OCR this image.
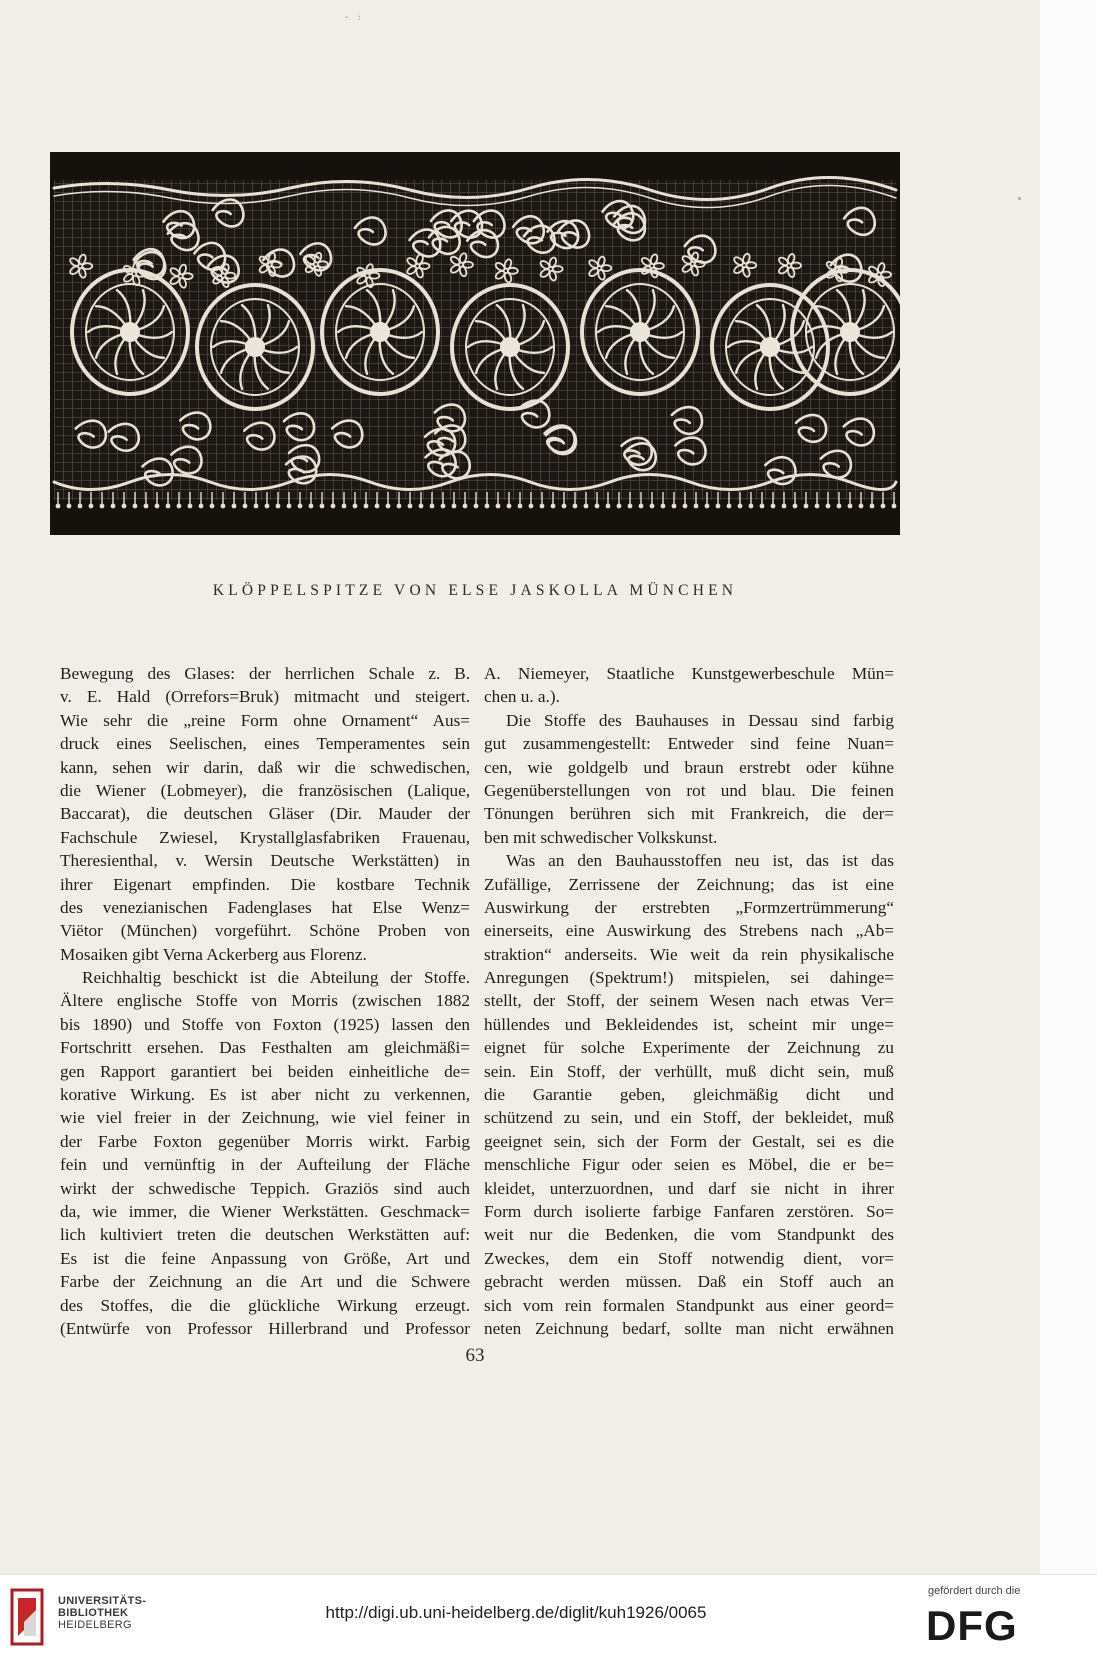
- :
KLÖPPELSPITZE VON ELSE JASKOLLA MÜNCHEN
Bewegung des Glases: der herrlichen Schale z. B.
v. E. Hald (Orrefors=Bruk) mitmacht und steigert.
Wie sehr die „reine Form ohne Ornament“ Aus=
druck eines Seelischen, eines Temperamentes sein
kann, sehen wir darin, daß wir die schwedischen,
die Wiener (Lobmeyer), die französischen (Lalique,
Baccarat), die deutschen Gläser (Dir. Mauder der
Fachschule Zwiesel, Krystallglasfabriken Frauenau,
Theresienthal, v. Wersin Deutsche Werkstätten) in
ihrer Eigenart empfinden. Die kostbare Technik
des venezianischen Fadenglases hat Else Wenz=
Viëtor (München) vorgeführt. Schöne Proben von
Mosaiken gibt Verna Ackerberg aus Florenz.
Reichhaltig beschickt ist die Abteilung der Stoffe.
Ältere englische Stoffe von Morris (zwischen 1882
bis 1890) und Stoffe von Foxton (1925) lassen den
Fortschritt ersehen. Das Festhalten am gleichmäßi=
gen Rapport garantiert bei beiden einheitliche de=
korative Wirkung. Es ist aber nicht zu verkennen,
wie viel freier in der Zeichnung, wie viel feiner in
der Farbe Foxton gegenüber Morris wirkt. Farbig
fein und vernünftig in der Aufteilung der Fläche
wirkt der schwedische Teppich. Graziös sind auch
da, wie immer, die Wiener Werkstätten. Geschmack=
lich kultiviert treten die deutschen Werkstätten auf:
Es ist die feine Anpassung von Größe, Art und
Farbe der Zeichnung an die Art und die Schwere
des Stoffes, die die glückliche Wirkung erzeugt.
(Entwürfe von Professor Hillerbrand und Professor
A. Niemeyer, Staatliche Kunstgewerbeschule Mün=
chen u. a.).
Die Stoffe des Bauhauses in Dessau sind farbig
gut zusammengestellt: Entweder sind feine Nuan=
cen, wie goldgelb und braun erstrebt oder kühne
Gegenüberstellungen von rot und blau. Die feinen
Tönungen berühren sich mit Frankreich, die der=
ben mit schwedischer Volkskunst.
Was an den Bauhausstoffen neu ist, das ist das
Zufällige, Zerrissene der Zeichnung; das ist eine
Auswirkung der erstrebten „Formzertrümmerung“
einerseits, eine Auswirkung des Strebens nach „Ab=
straktion“ anderseits. Wie weit da rein physikalische
Anregungen (Spektrum!) mitspielen, sei dahinge=
stellt, der Stoff, der seinem Wesen nach etwas Ver=
hüllendes und Bekleidendes ist, scheint mir unge=
eignet für solche Experimente der Zeichnung zu
sein. Ein Stoff, der verhüllt, muß dicht sein, muß
die Garantie geben, gleichmäßig dicht und
schützend zu sein, und ein Stoff, der bekleidet, muß
geeignet sein, sich der Form der Gestalt, sei es die
menschliche Figur oder seien es Möbel, die er be=
kleidet, unterzuordnen, und darf sie nicht in ihrer
Form durch isolierte farbige Fanfaren zerstören. So=
weit nur die Bedenken, die vom Standpunkt des
Zweckes, dem ein Stoff notwendig dient, vor=
gebracht werden müssen. Daß ein Stoff auch an
sich vom rein formalen Standpunkt aus einer geord=
neten Zeichnung bedarf, sollte man nicht erwähnen
63
UNIVERSITÄTS-
BIBLIOTHEK
HEIDELBERG
http://digi.ub.uni-heidelberg.de/diglit/kuh1926/0065
gefördert durch die
DFG
